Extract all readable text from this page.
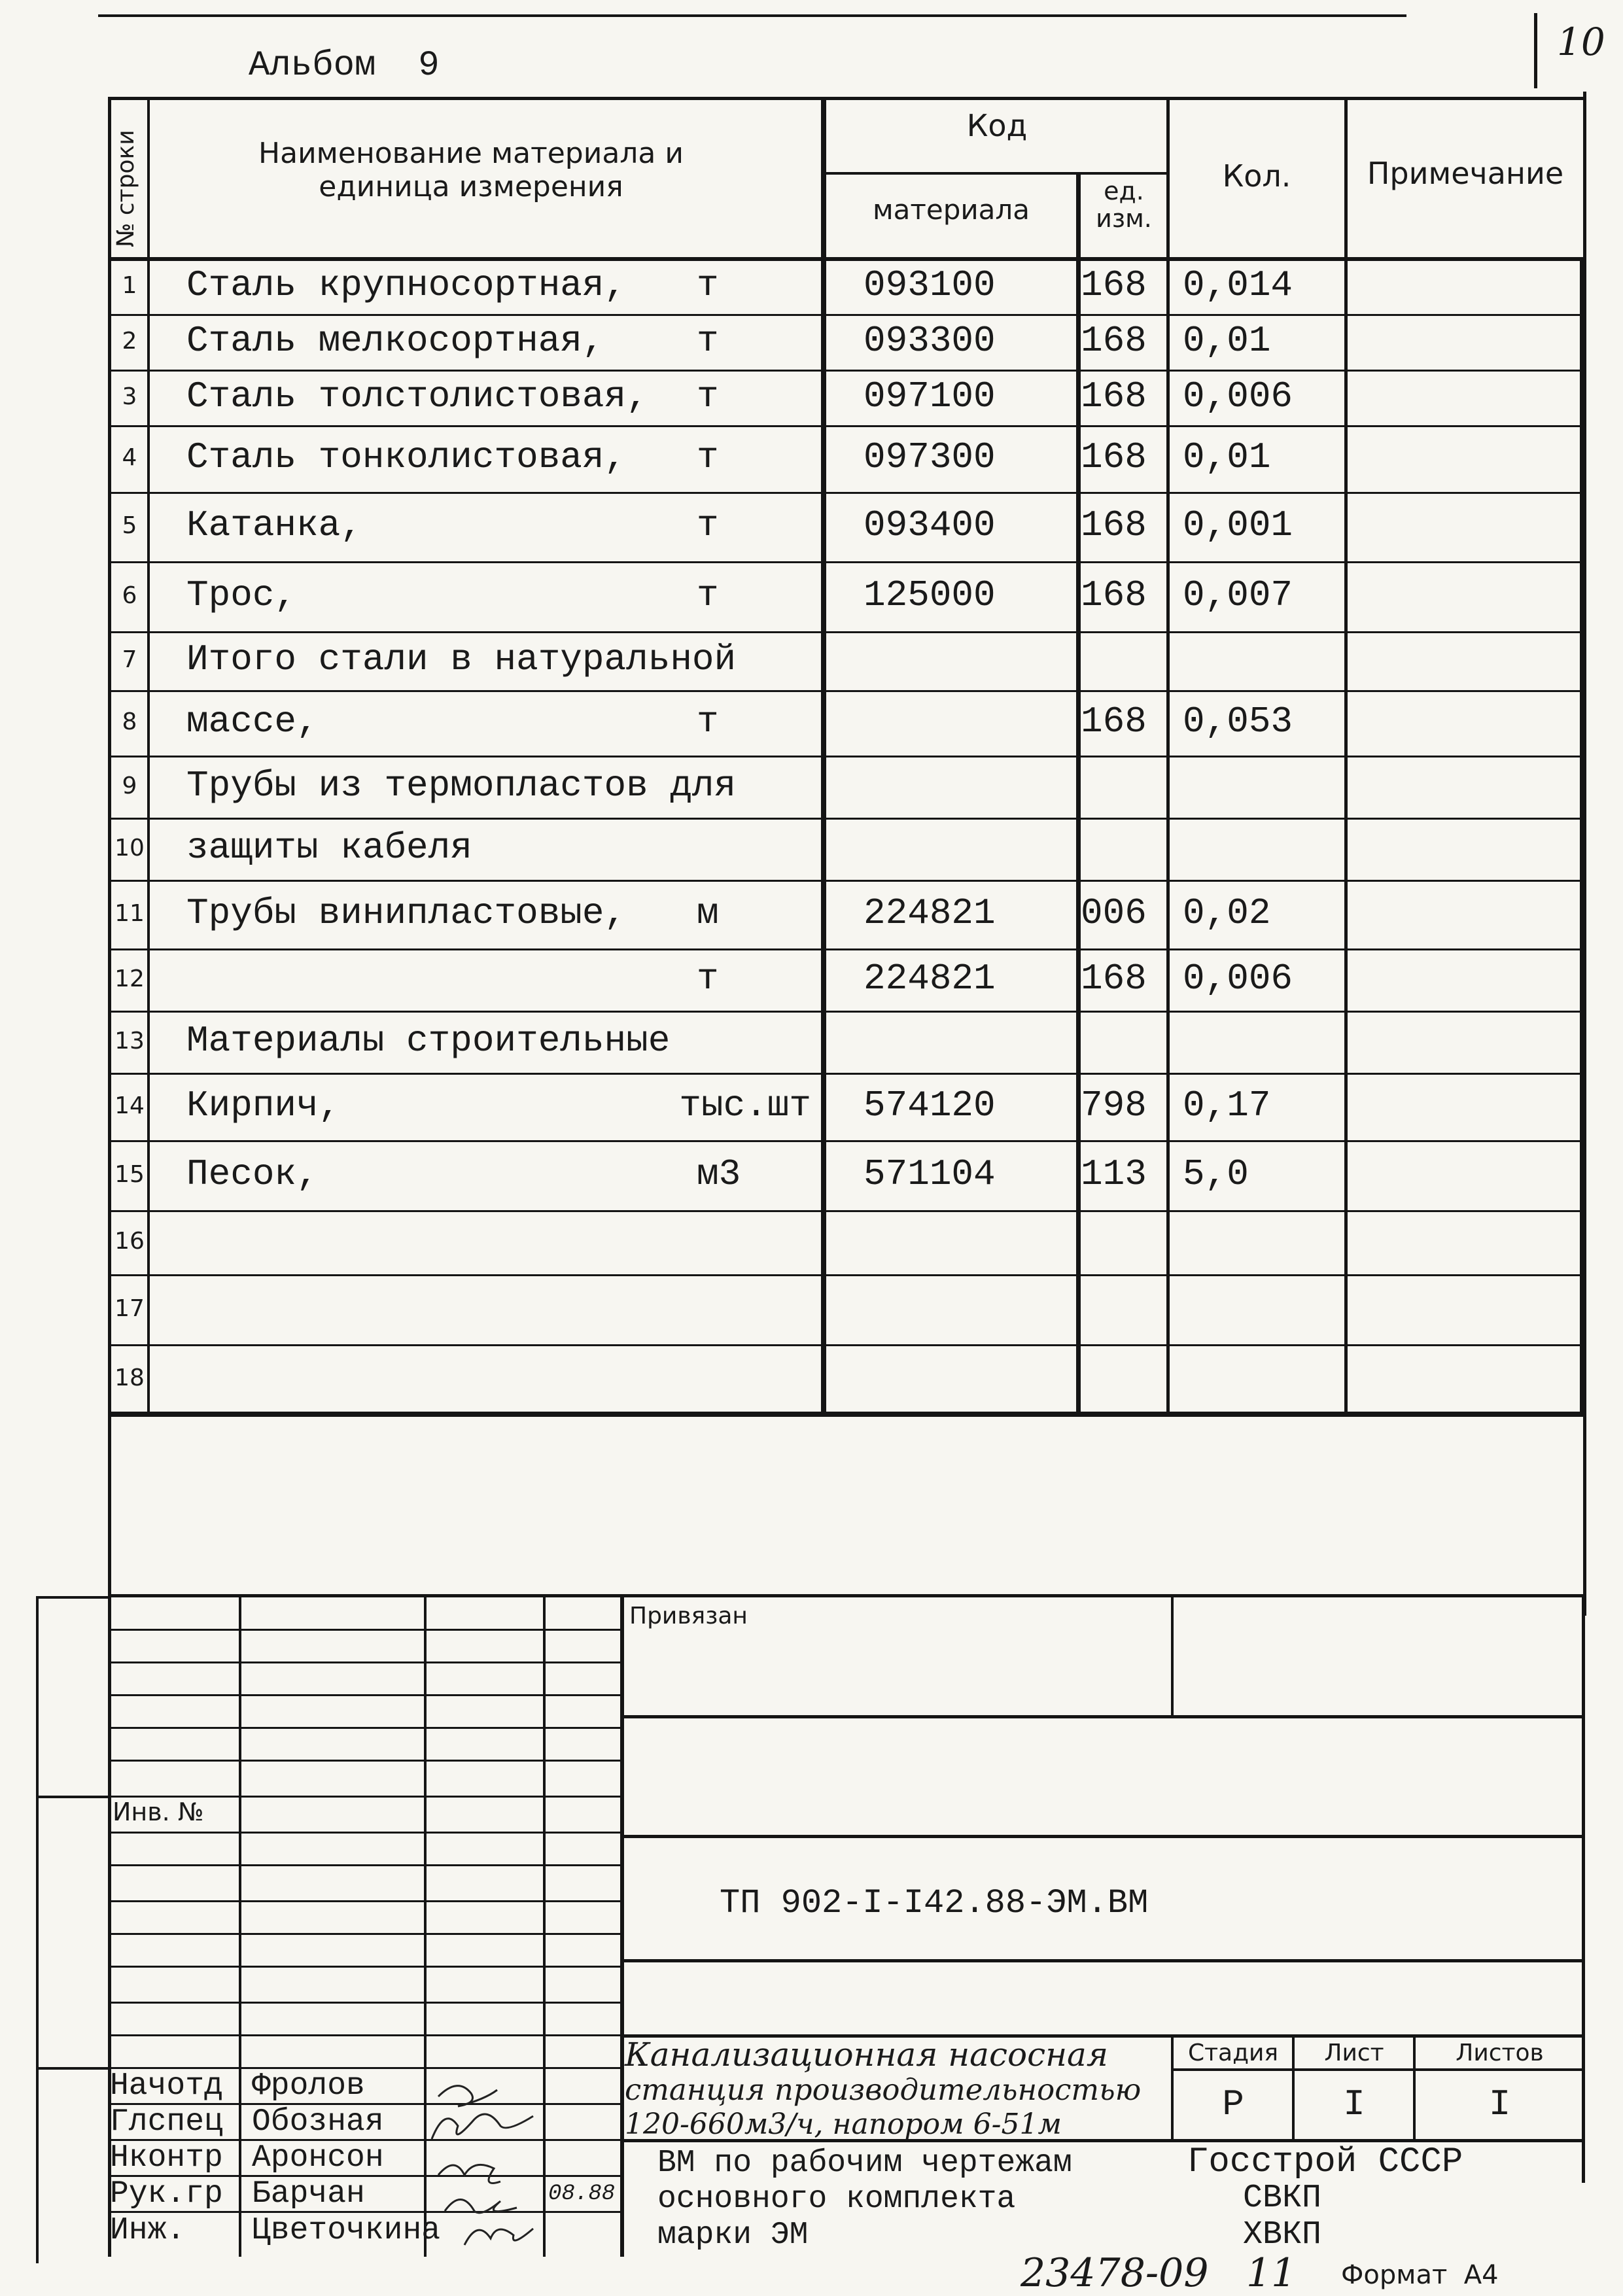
10
Альбом  9
№ строки	Наименование материала и
единица измерения
Код
материала
ед.
изм.
Кол.	Примечание
1 Сталь крупносортная, т	093100 168 0,014
2 Сталь мелкосортная,	т	093300 168 0,01
3 Сталь толстолистовая, т	097100 168 0,006
4 Сталь тонколистовая, т	097300 168 0,01
5 Катанка,	т	093400 168 0,001
6 Трос,	т	125000 168 0,007
7 Итого стали в натуральной
8 массе,	т	168 0,053
9 Трубы из термопластов для
10 защиты кабеля
11 Трубы винипластовые, м	224821 006 0,02
12	т	224821 168 0,006
13 Материалы строительные
14 Кирпич,	тыс.шт 574120 798 0,17
15 Песок,	м3	571104 113 5,0
16
17
18
Привязан
Инв. №
ТП 902-I-I42.88-ЭМ.ВМ
Канализационная насосная
станция производительностью
120-660м3/ч, напором 6-51м
Стадия	Лист	Листов
Р	I	I
ВМ по рабочим чертежам
основного комплекта
марки ЭМ
Госстрой СССР
СВКП
ХВКП
Начотд Фролов
Глспец Обозная
Нконтр Аронсон
Рук.гр Барчан	08.88
Инж. Цветочкина
23478-09 11 Формат  А4
